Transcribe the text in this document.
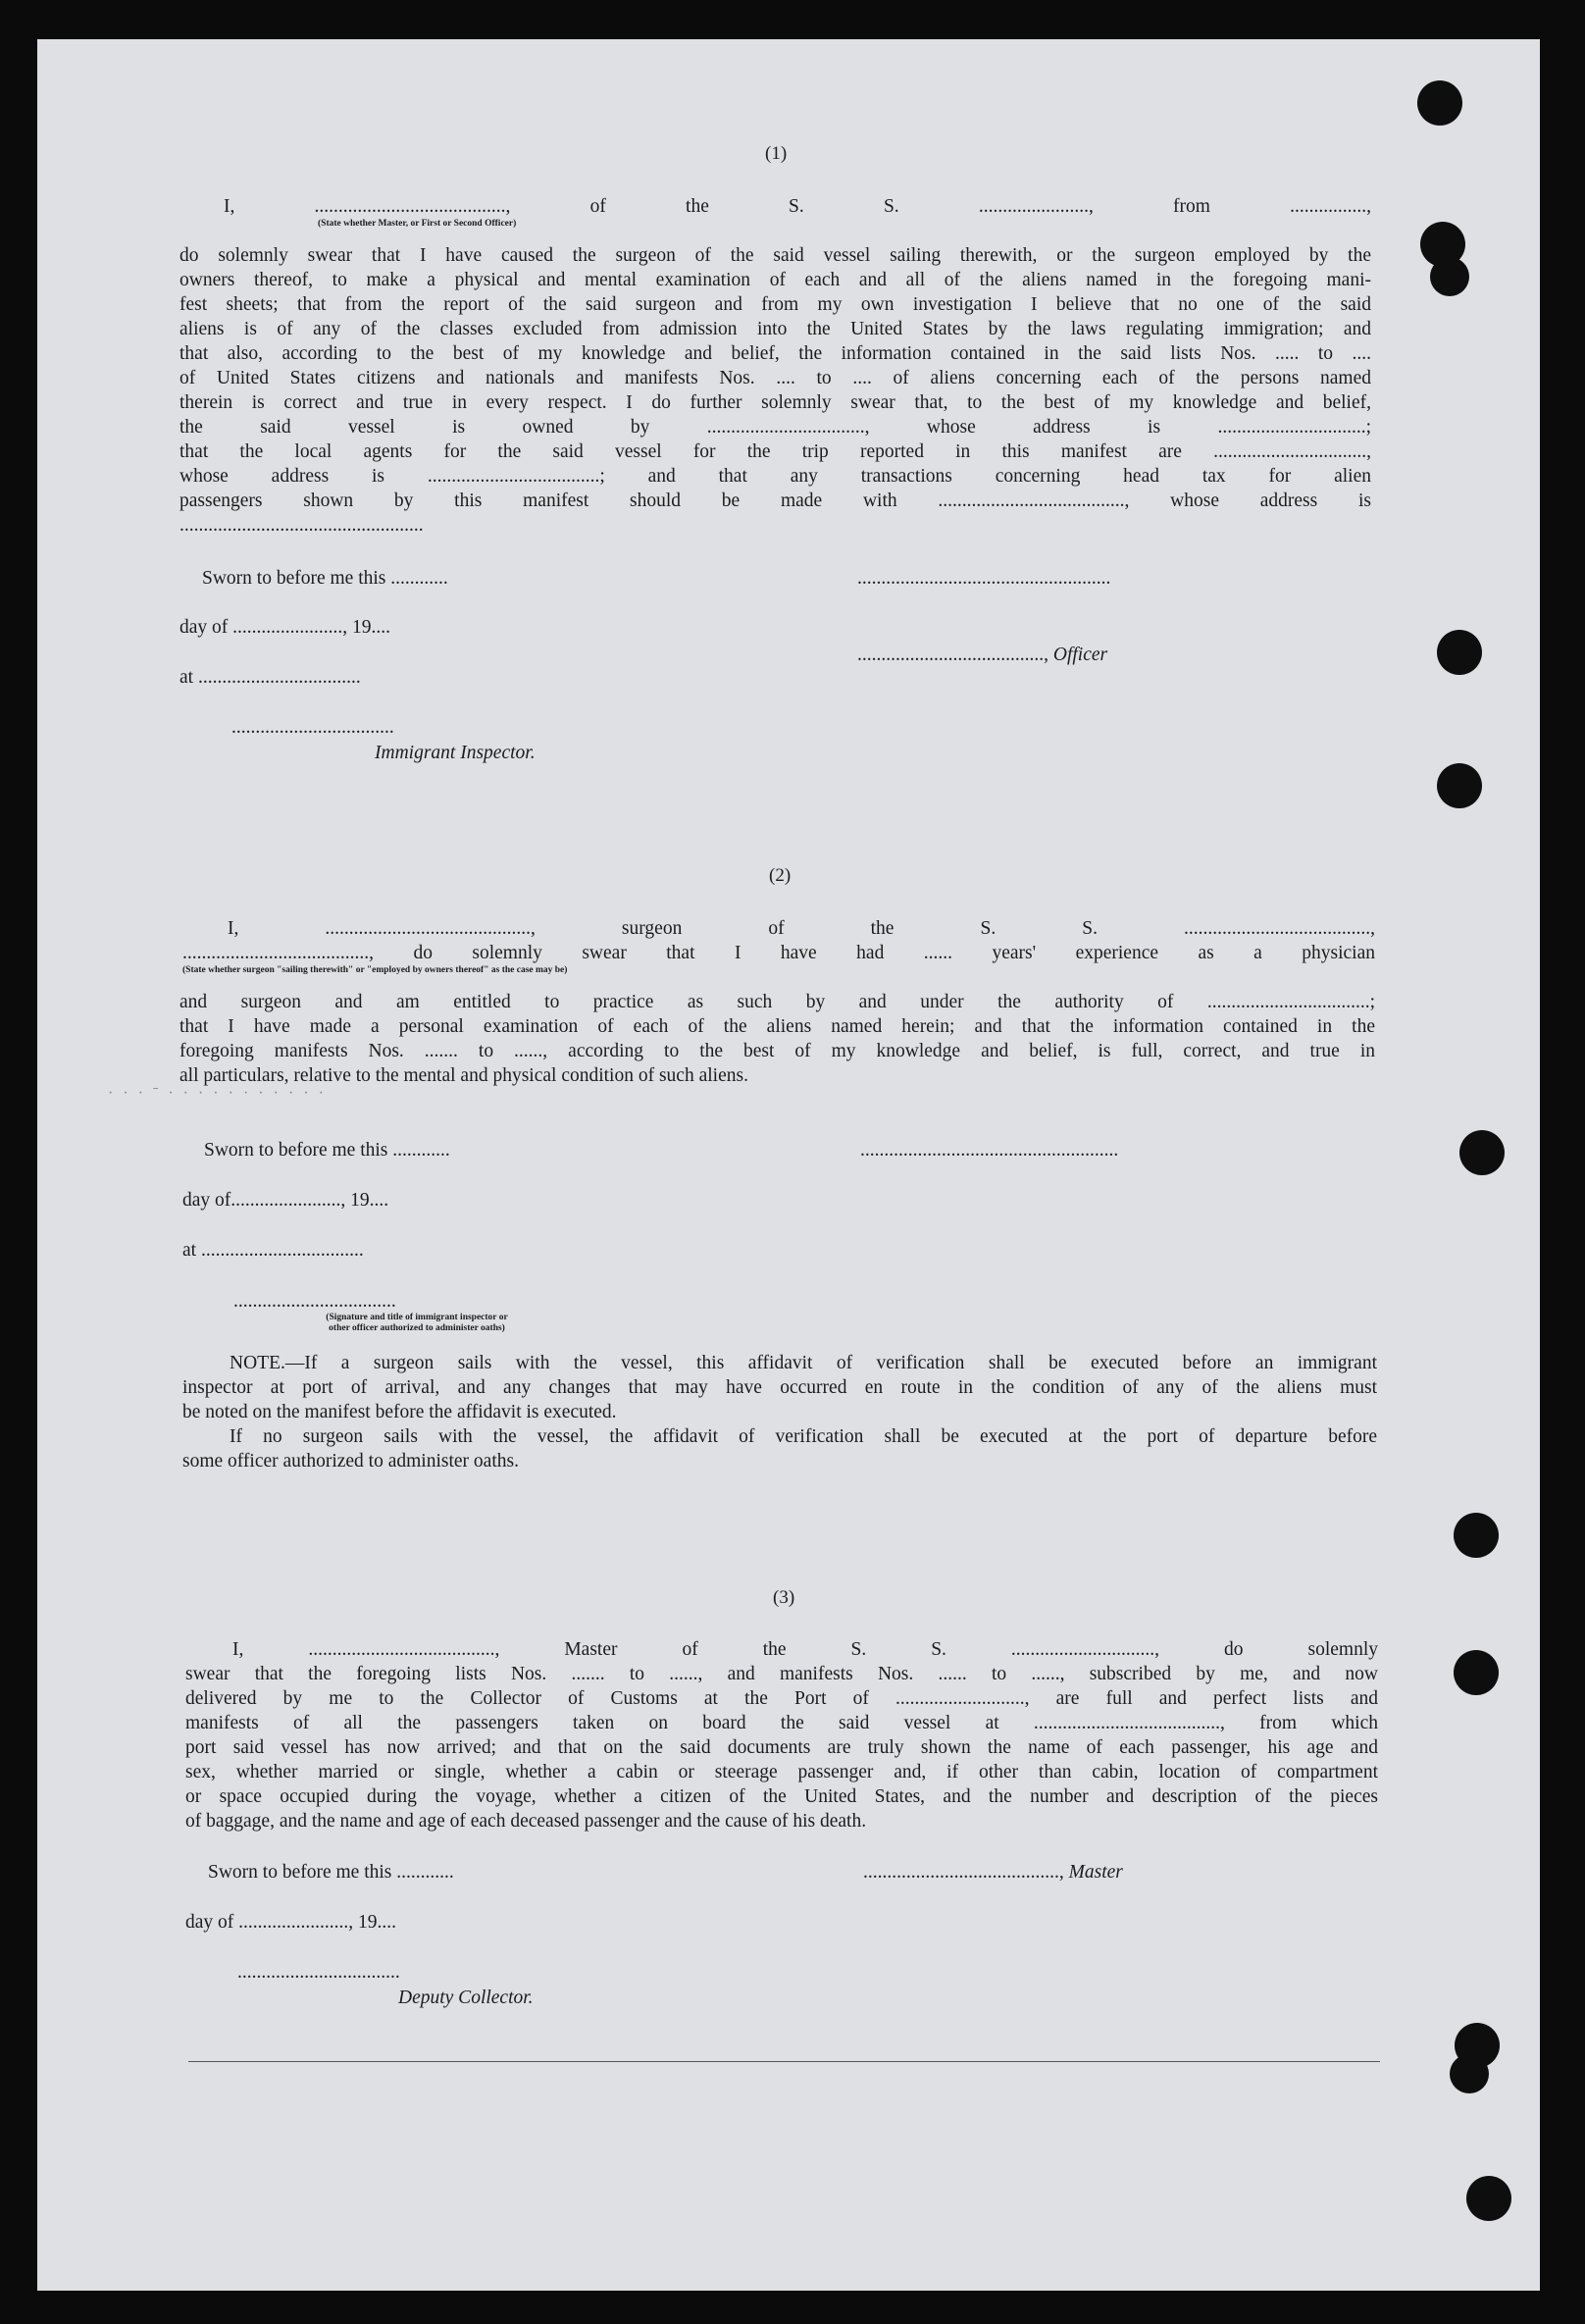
(1)

I, ........................................, of the S. S. ......................., from ................,

(State whether Master, or First or Second Officer)

do solemnly swear that I have caused the surgeon of the said vessel sailing therewith, or the surgeon employed by the

owners thereof, to make a physical and mental examination of each and all of the aliens named in the foregoing mani-

fest sheets; that from the report of the said surgeon and from my own investigation I believe that no one of the said

aliens is of any of the classes excluded from admission into the United States by the laws regulating immigration; and

that also, according to the best of my knowledge and belief, the information contained in the said lists Nos. ..... to ....

of United States citizens and nationals and manifests Nos. .... to .... of aliens concerning each of the persons named

therein is correct and true in every respect. I do further solemnly swear that, to the best of my knowledge and belief,

the said vessel is owned by ................................., whose address is ...............................;

that the local agents for the said vessel for the trip reported in this manifest are ................................,

whose address is ....................................; and that any transactions concerning head tax for alien

passengers shown by this manifest should be made with ......................................., whose address is

...................................................

Sworn to before me this ............
day of ......................., 19....
at ..................................
..................................
Immigrant Inspector.
.....................................................
......................................., Officer
(2)

I, ..........................................., surgeon of the S. S. .......................................,

......................................., do solemnly swear that I have had ...... years' experience as a physician

(State whether surgeon "sailing therewith" or "employed by owners thereof" as the case may be)

and surgeon and am entitled to practice as such by and under the authority of ..................................;

that I have made a personal examination of each of the aliens named herein; and that the information contained in the

foregoing manifests Nos. ....... to ......, according to the best of my knowledge and belief, is full, correct, and true in

all particulars, relative to the mental and physical condition of such aliens.

· · · ˉ · · · · · · · · · · ·
Sworn to before me this ............
day of......................., 19....
at ..................................
..................................

(Signature and title of immigrant inspector or

other officer authorized to administer oaths)

......................................................

NOTE.—If a surgeon sails with the vessel, this affidavit of verification shall be executed before an immigrant

inspector at port of arrival, and any changes that may have occurred en route in the condition of any of the aliens must

be noted on the manifest before the affidavit is executed.

If no surgeon sails with the vessel, the affidavit of verification shall be executed at the port of departure before

some officer authorized to administer oaths.

(3)

I, ......................................., Master of the S. S. .............................., do solemnly

swear that the foregoing lists Nos. ....... to ......, and manifests Nos. ...... to ......, subscribed by me, and now

delivered by me to the Collector of Customs at the Port of ..........................., are full and perfect lists and

manifests of all the passengers taken on board the said vessel at ......................................., from which

port said vessel has now arrived; and that on the said documents are truly shown the name of each passenger, his age and

sex, whether married or single, whether a cabin or steerage passenger and, if other than cabin, location of compartment

or space occupied during the voyage, whether a citizen of the United States, and the number and description of the pieces

of baggage, and the name and age of each deceased passenger and the cause of his death.

Sworn to before me this ............
day of ......................., 19....
..................................
Deputy Collector.
........................................., Master
